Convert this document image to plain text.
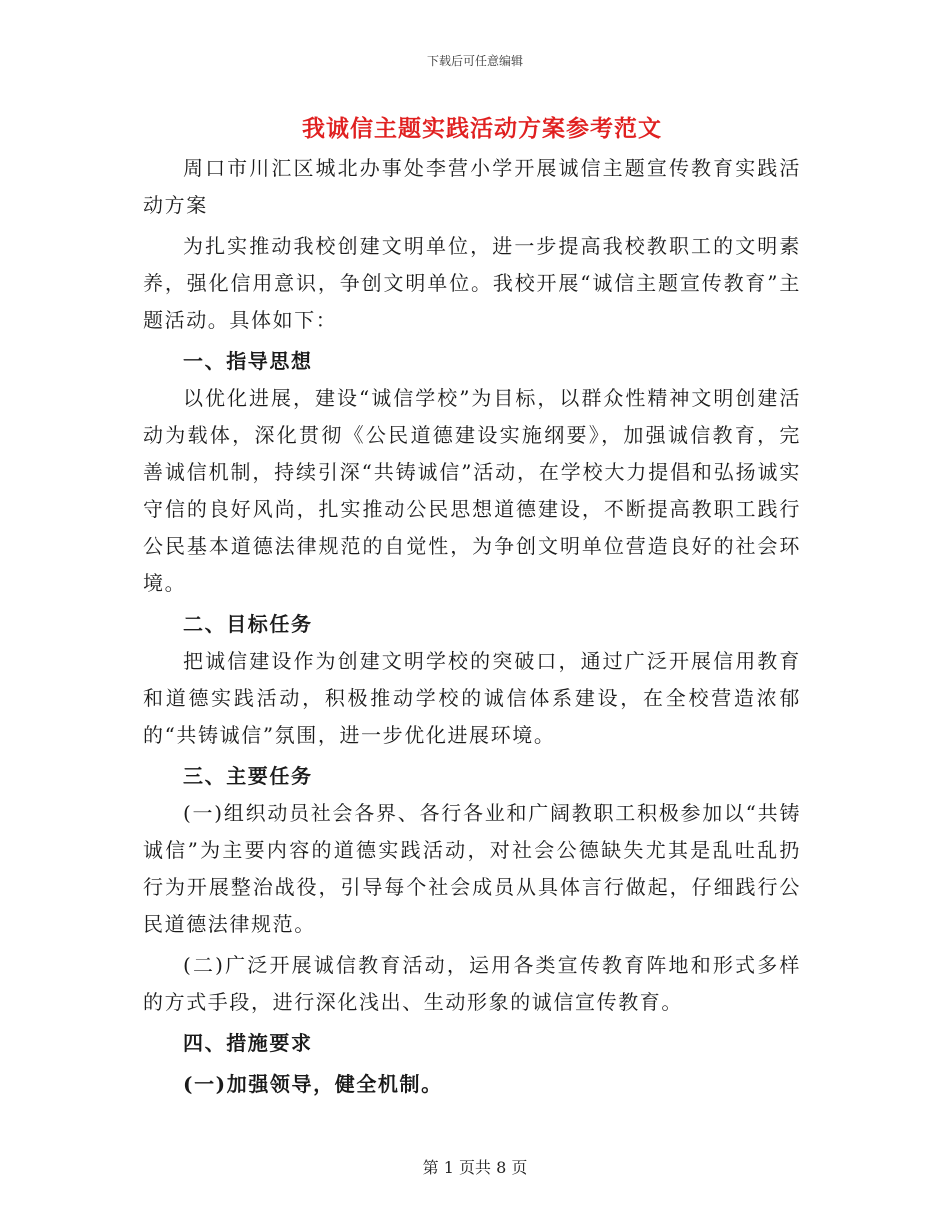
下载后可任意编辑
我诚信主题实践活动方案参考范文

周口市川汇区城北办事处李营小学开展诚信主题宣传教育实践活动方案

为扎实推动我校创建文明单位，进一步提高我校教职工的文明素养，强化信用意识，争创文明单位。我校开展“诚信主题宣传教育”主题活动。具体如下：

一、指导思想

以优化进展，建设“诚信学校”为目标，以群众性精神文明创建活动为载体，深化贯彻《公民道德建设实施纲要》，加强诚信教育，完善诚信机制，持续引深“共铸诚信”活动，在学校大力提倡和弘扬诚实守信的良好风尚，扎实推动公民思想道德建设，不断提高教职工践行公民基本道德法律规范的自觉性，为争创文明单位营造良好的社会环境。

二、目标任务

把诚信建设作为创建文明学校的突破口，通过广泛开展信用教育和道德实践活动，积极推动学校的诚信体系建设，在全校营造浓郁的“共铸诚信”氛围，进一步优化进展环境。

三、主要任务

(一)组织动员社会各界、各行各业和广阔教职工积极参加以“共铸诚信”为主要内容的道德实践活动，对社会公德缺失尤其是乱吐乱扔行为开展整治战役，引导每个社会成员从具体言行做起，仔细践行公民道德法律规范。

(二)广泛开展诚信教育活动，运用各类宣传教育阵地和形式多样的方式手段，进行深化浅出、生动形象的诚信宣传教育。

四、措施要求

(一)加强领导，健全机制。

第 1 页共 8 页
